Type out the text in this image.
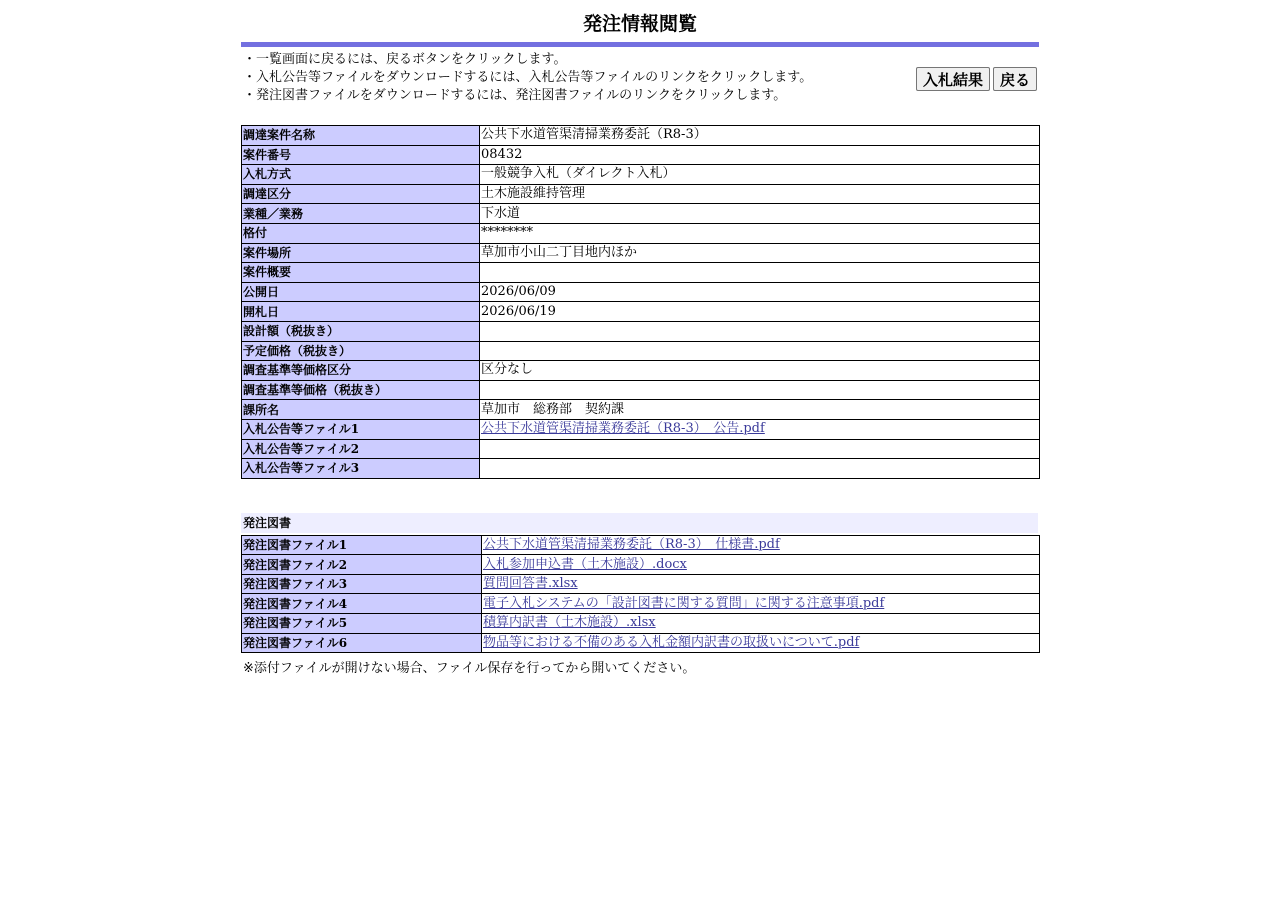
発注情報閲覧
・一覧画面に戻るには、戻るボタンをクリックします。
・入札公告等ファイルをダウンロードするには、入札公告等ファイルのリンクをクリックします。
・発注図書ファイルをダウンロードするには、発注図書ファイルのリンクをクリックします。
入札結果	戻る
調達案件名称	公共下水道管渠清掃業務委託（R8-3）
案件番号	08432
入札方式	一般競争入札（ダイレクト入札）
調達区分	土木施設維持管理
業種／業務	下水道
格付	********
案件場所	草加市小山二丁目地内ほか
案件概要	
公開日	2026/06/09
開札日	2026/06/19
設計額（税抜き）	
予定価格（税抜き）	
調査基準等価格区分	区分なし
調査基準等価格（税抜き）	
課所名	草加市　総務部　契約課
入札公告等ファイル1	公共下水道管渠清掃業務委託（R8-3）　公告.pdf
入札公告等ファイル2	
入札公告等ファイル3	
発注図書
発注図書ファイル1	公共下水道管渠清掃業務委託（R8-3）　仕様書.pdf
発注図書ファイル2	入札参加申込書（土木施設）.docx
発注図書ファイル3	質問回答書.xlsx
発注図書ファイル4	電子入札システムの「設計図書に関する質問」に関する注意事項.pdf
発注図書ファイル5	積算内訳書（土木施設）.xlsx
発注図書ファイル6	物品等における不備のある入札金額内訳書の取扱いについて.pdf
※添付ファイルが開けない場合、ファイル保存を行ってから開いてください。
